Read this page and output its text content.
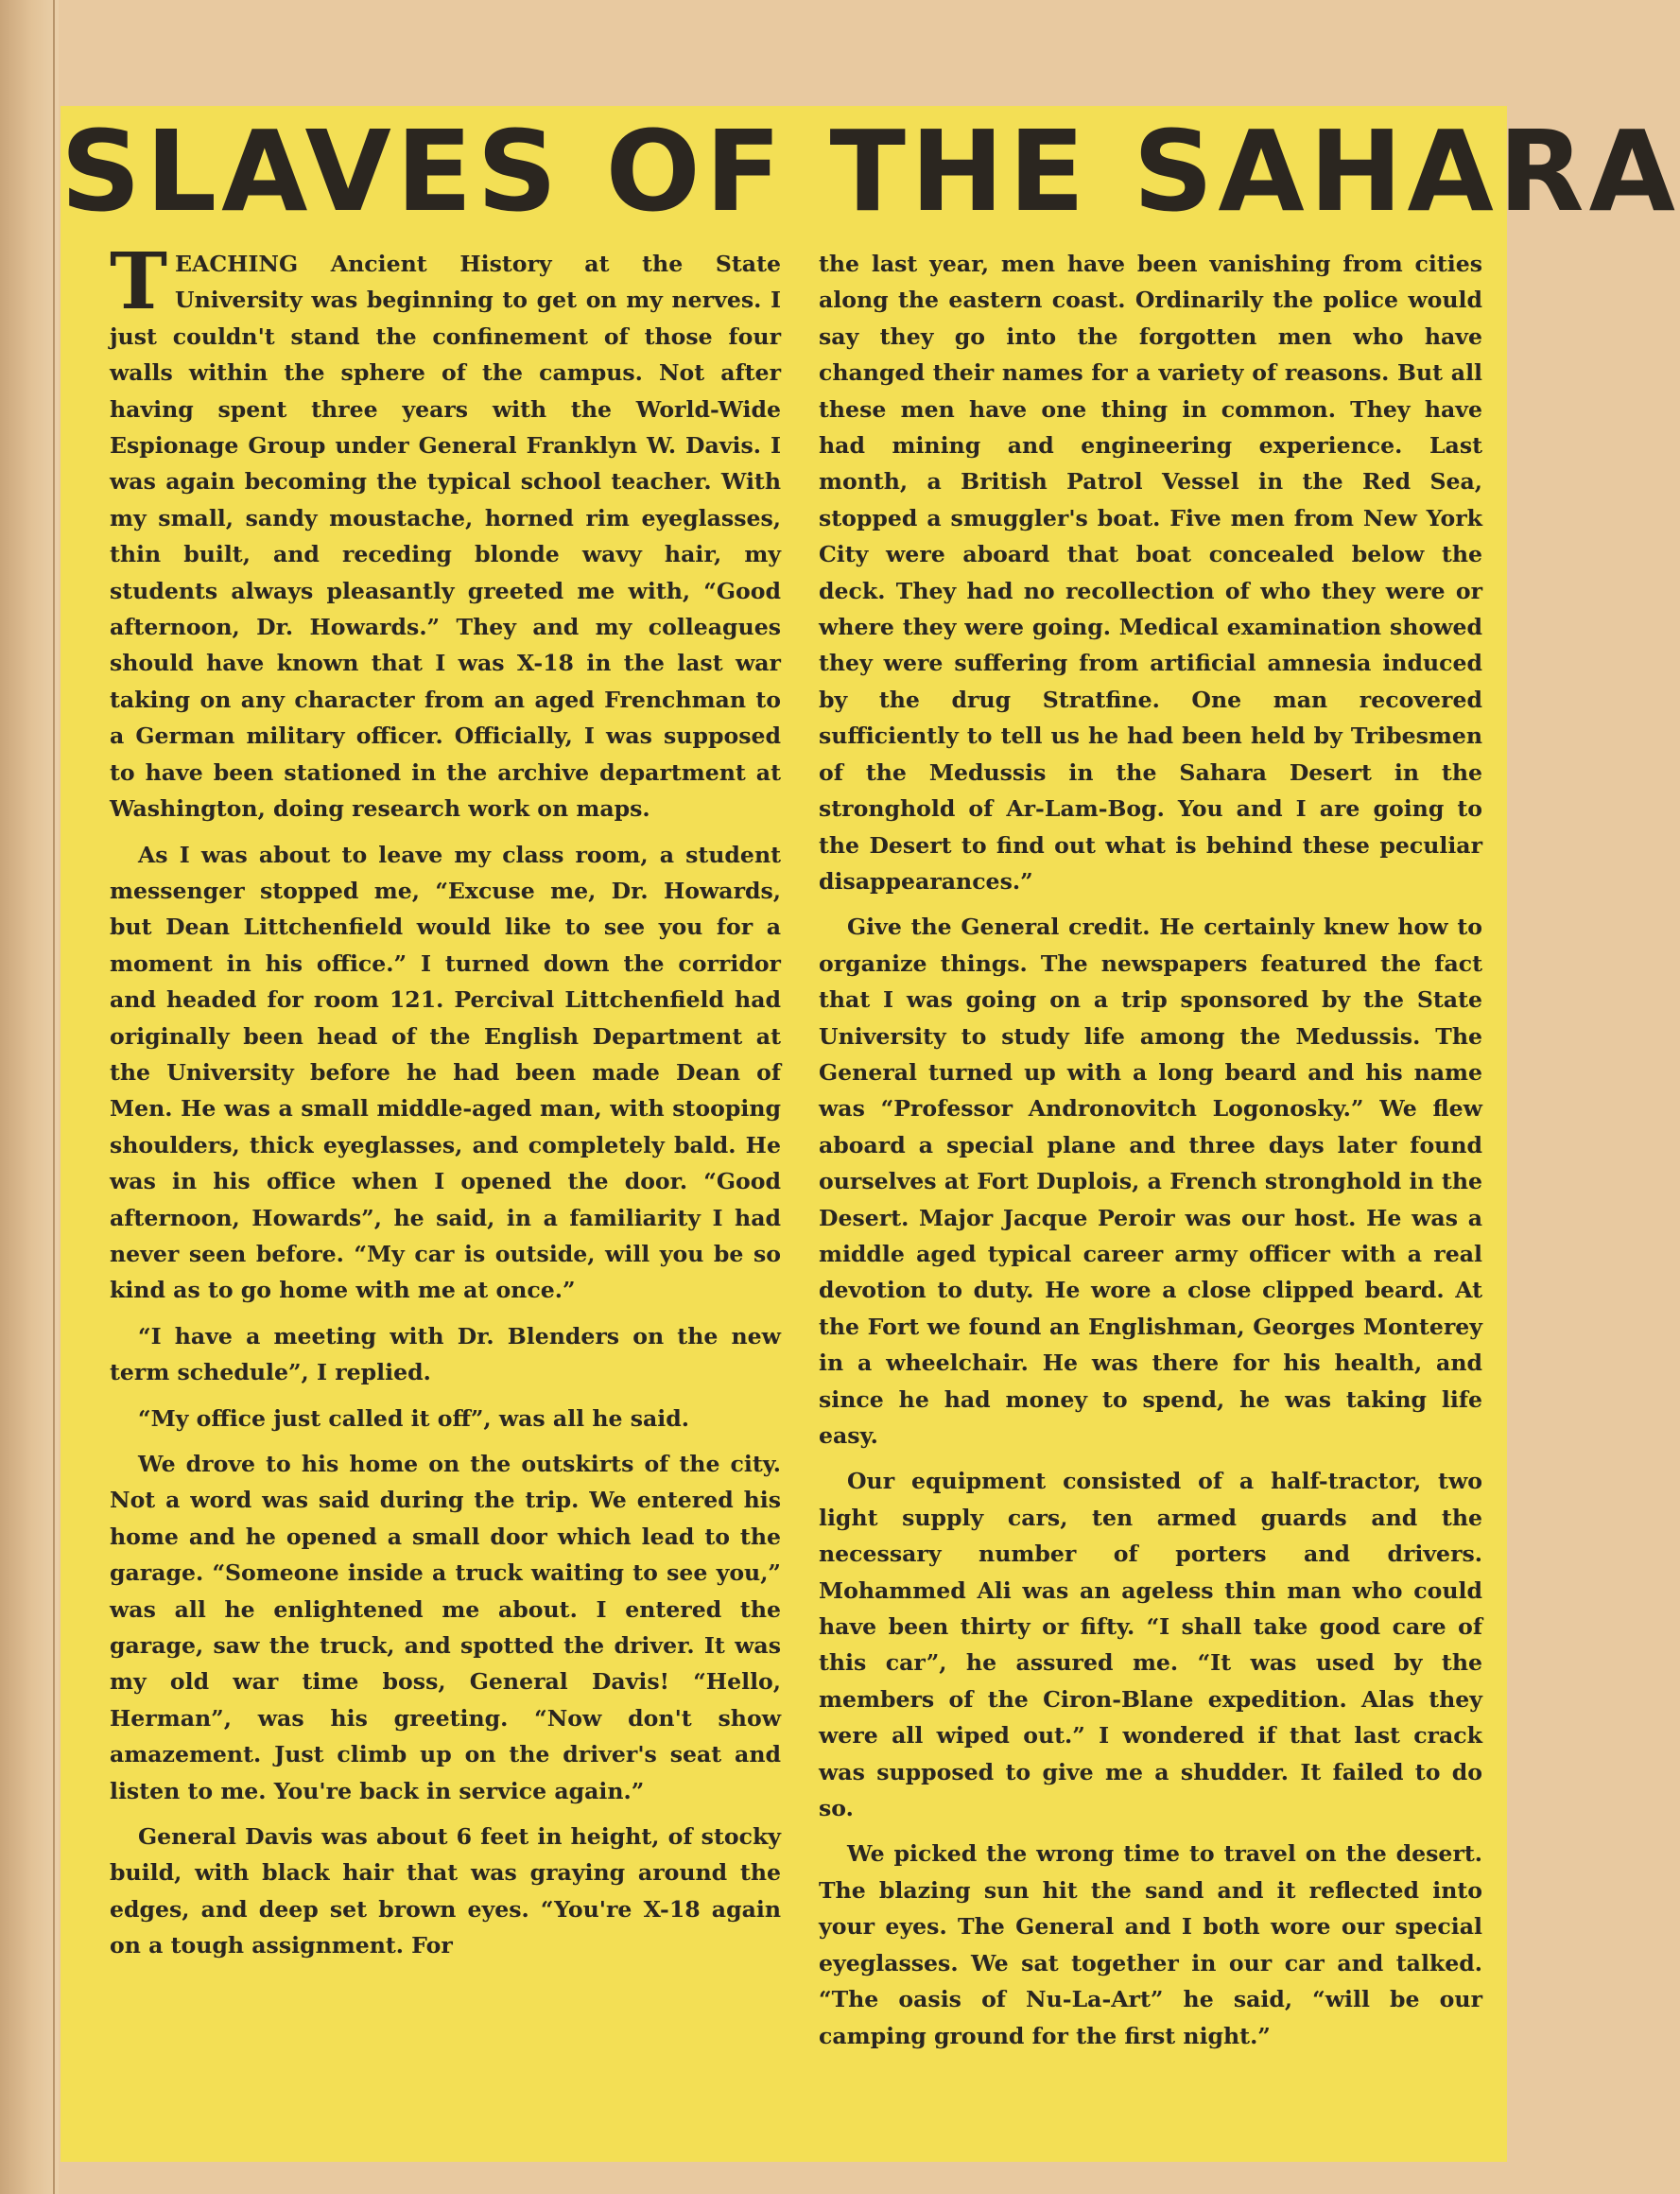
SLAVES OF THE SAHARA

TEACHING Ancient History at the State University was beginning to get on my nerves. I just couldn't stand the confinement of those four walls within the sphere of the campus. Not after having spent three years with the World-Wide Espionage Group under General Franklyn W. Davis. I was again becoming the typical school teacher. With my small, sandy moustache, horned rim eyeglasses, thin built, and receding blonde wavy hair, my students always pleasantly greeted me with, “Good afternoon, Dr. Howards.” They and my colleagues should have known that I was X-18 in the last war taking on any character from an aged Frenchman to a German military officer. Officially, I was supposed to have been stationed in the archive department at Washington, doing research work on maps.

As I was about to leave my class room, a student messenger stopped me, “Excuse me, Dr. Howards, but Dean Littchenfield would like to see you for a moment in his office.” I turned down the corridor and headed for room 121. Percival Littchenfield had originally been head of the English Department at the University before he had been made Dean of Men. He was a small middle-aged man, with stooping shoulders, thick eyeglasses, and completely bald. He was in his office when I opened the door. “Good afternoon, Howards”, he said, in a familiarity I had never seen before. “My car is outside, will you be so kind as to go home with me at once.”

“I have a meeting with Dr. Blenders on the new term schedule”, I replied.

“My office just called it off”, was all he said.

We drove to his home on the outskirts of the city. Not a word was said during the trip. We entered his home and he opened a small door which lead to the garage. “Someone inside a truck waiting to see you,” was all he enlightened me about. I entered the garage, saw the truck, and spotted the driver. It was my old war time boss, General Davis! “Hello, Herman”, was his greeting. “Now don't show amazement. Just climb up on the driver's seat and listen to me. You're back in service again.”

General Davis was about 6 feet in height, of stocky build, with black hair that was graying around the edges, and deep set brown eyes. “You're X-18 again on a tough assignment. For

the last year, men have been vanishing from cities along the eastern coast. Ordinarily the police would say they go into the forgotten men who have changed their names for a variety of reasons. But all these men have one thing in common. They have had mining and engineering experience. Last month, a British Patrol Vessel in the Red Sea, stopped a smuggler's boat. Five men from New York City were aboard that boat concealed below the deck. They had no recollection of who they were or where they were going. Medical examination showed they were suffering from artificial amnesia induced by the drug Stratfine. One man recovered sufficiently to tell us he had been held by Tribesmen of the Medussis in the Sahara Desert in the stronghold of Ar-Lam-Bog. You and I are going to the Desert to find out what is behind these peculiar disappearances.”

Give the General credit. He certainly knew how to organize things. The newspapers featured the fact that I was going on a trip sponsored by the State University to study life among the Medussis. The General turned up with a long beard and his name was “Professor Andronovitch Logonosky.” We flew aboard a special plane and three days later found ourselves at Fort Duplois, a French stronghold in the Desert. Major Jacque Peroir was our host. He was a middle aged typical career army officer with a real devotion to duty. He wore a close clipped beard. At the Fort we found an Englishman, Georges Monterey in a wheelchair. He was there for his health, and since he had money to spend, he was taking life easy.

Our equipment consisted of a half-tractor, two light supply cars, ten armed guards and the necessary number of porters and drivers. Mohammed Ali was an ageless thin man who could have been thirty or fifty. “I shall take good care of this car”, he assured me. “It was used by the members of the Ciron-Blane expedition. Alas they were all wiped out.” I wondered if that last crack was supposed to give me a shudder. It failed to do so.

We picked the wrong time to travel on the desert. The blazing sun hit the sand and it reflected into your eyes. The General and I both wore our special eyeglasses. We sat together in our car and talked. “The oasis of Nu-La-Art” he said, “will be our camping ground for the first night.”
